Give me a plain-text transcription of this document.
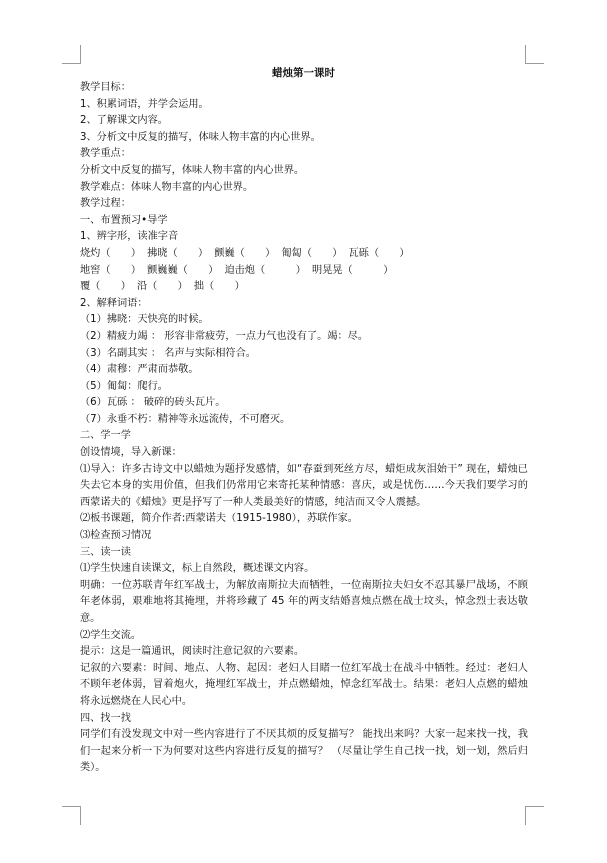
蜡烛第一课时
教学目标：
1、积累词语，并学会运用。
2、了解课文内容。
3、分析文中反复的描写，体味人物丰富的内心世界。
教学重点：
分析文中反复的描写，体味人物丰富的内心世界。
教学难点：体味人物丰富的内心世界。
教学过程：
一、布置预习•导学
1、辨字形，读准字音
烧灼（　　） 拂晓（　　） 颤巍（　　） 匍匐（　　） 瓦砾（　　）
地窖（　　） 颤巍巍（　　） 迫击炮（　　　） 明晃晃（　　　）
覆（　　） 沿（　　） 拙（　　）
2、解释词语：
（1）拂晓：天快亮的时候。
（2）精疲力竭 ： 形容非常疲劳，一点力气也没有了。竭：尽。
（3）名副其实 ： 名声与实际相符合。
（4）肃穆：严肃而恭敬。
（5）匍匐：爬行。
（6）瓦砾 ： 破碎的砖头瓦片。
（7）永垂不朽：精神等永远流传，不可磨灭。
二、学一学
创设情境，导入新课：
⑴导入：许多古诗文中以蜡烛为题抒发感情，如“春蚕到死丝方尽，蜡炬成灰泪始干” 现在，蜡烛已失去它本身的实用价值，但我们仍常用它来寄托某种情感：喜庆，或是忧伤……今天我们要学习的西蒙诺夫的《蜡烛》更是抒写了一种人类最美好的情感，纯洁而又令人震撼。
⑵板书课题，简介作者:西蒙诺夫（1915-1980），苏联作家。
⑶检查预习情况
三、读一读
⑴学生快速自读课文，标上自然段，概述课文内容。
明确：一位苏联青年红军战士，为解放南斯拉夫而牺牲，一位南斯拉夫妇女不忍其暴尸战场，不顾年老体弱，艰难地将其掩埋，并将珍藏了 45 年的两支结婚喜烛点燃在战士坟头，悼念烈士表达敬意。
⑵学生交流。
提示：这是一篇通讯，阅读时注意记叙的六要素。
记叙的六要素：时间、地点、人物、起因：老妇人目睹一位红军战士在战斗中牺牲。经过：老妇人不顾年老体弱，冒着炮火，掩埋红军战士，并点燃蜡烛，悼念红军战士。结果：老妇人点燃的蜡烛将永远燃烧在人民心中。
四、找一找
同学们有没发现文中对一些内容进行了不厌其烦的反复描写？ 能找出来吗？大家一起来找一找，我们一起来分析一下为何要对这些内容进行反复的描写？ （尽量让学生自己找一找，划一划，然后归类）。
